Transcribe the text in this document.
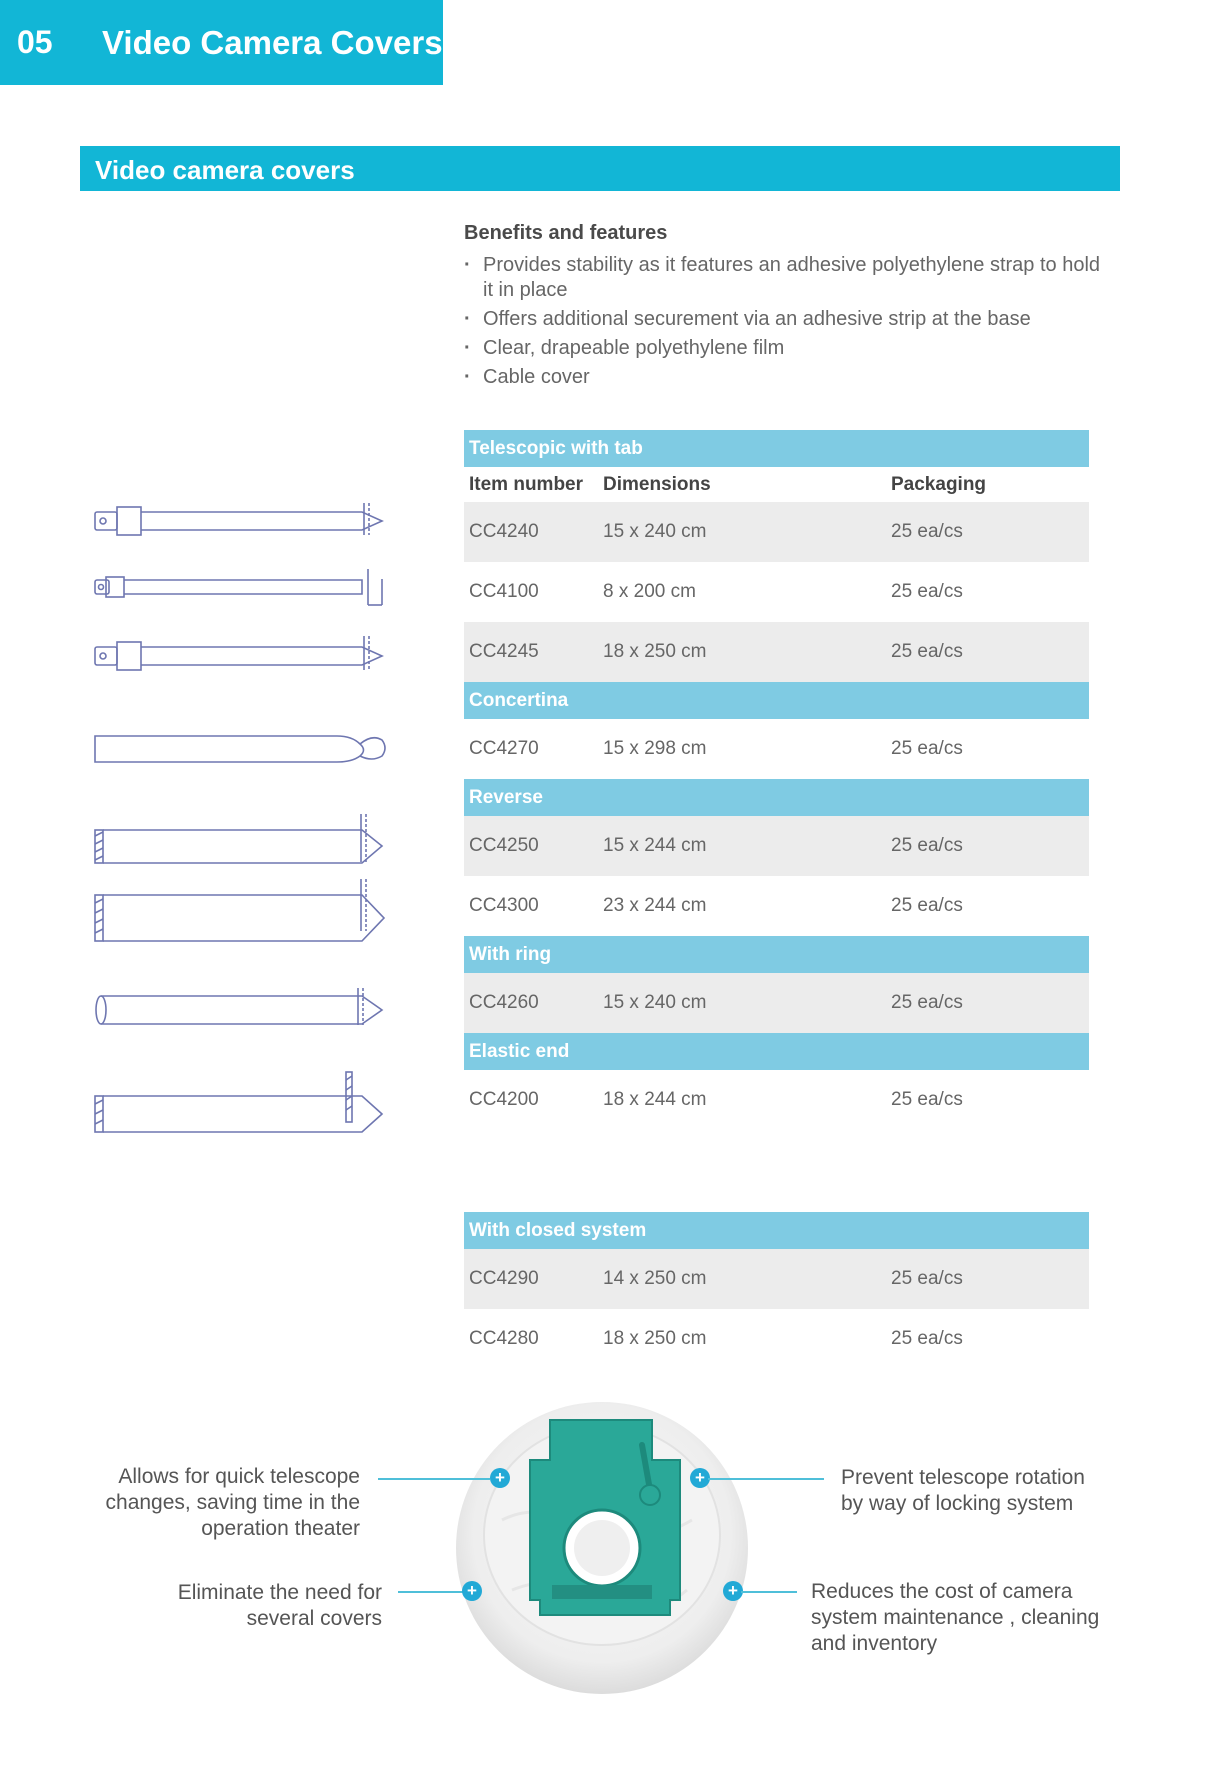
05 Video Camera Covers
Video camera covers
Benefits and features
· Provides stability as it features an adhesive polyethylene strap to hold it in place
· Offers additional securement via an adhesive strip at the base
· Clear, drapeable polyethylene film
· Cable cover
Telescopic with tab
Item number	Dimensions	Packaging
CC4240	15 x 240 cm	25 ea/cs
CC4100	8 x 200 cm	25 ea/cs
CC4245	18 x 250 cm	25 ea/cs
Concertina
CC4270	15 x 298 cm	25 ea/cs
Reverse
CC4250	15 x 244 cm	25 ea/cs
CC4300	23 x 244 cm	25 ea/cs
With ring
CC4260	15 x 240 cm	25 ea/cs
Elastic end
CC4200	18 x 244 cm	25 ea/cs
With closed system
CC4290	14 x 250 cm	25 ea/cs
CC4280	18 x 250 cm	25 ea/cs
Allows for quick telescope changes, saving time in the operation theater
+
Eliminate the need for several covers
+
+	Prevent telescope rotation by way of locking system
+	Reduces the cost of camera system maintenance , cleaning and inventory
